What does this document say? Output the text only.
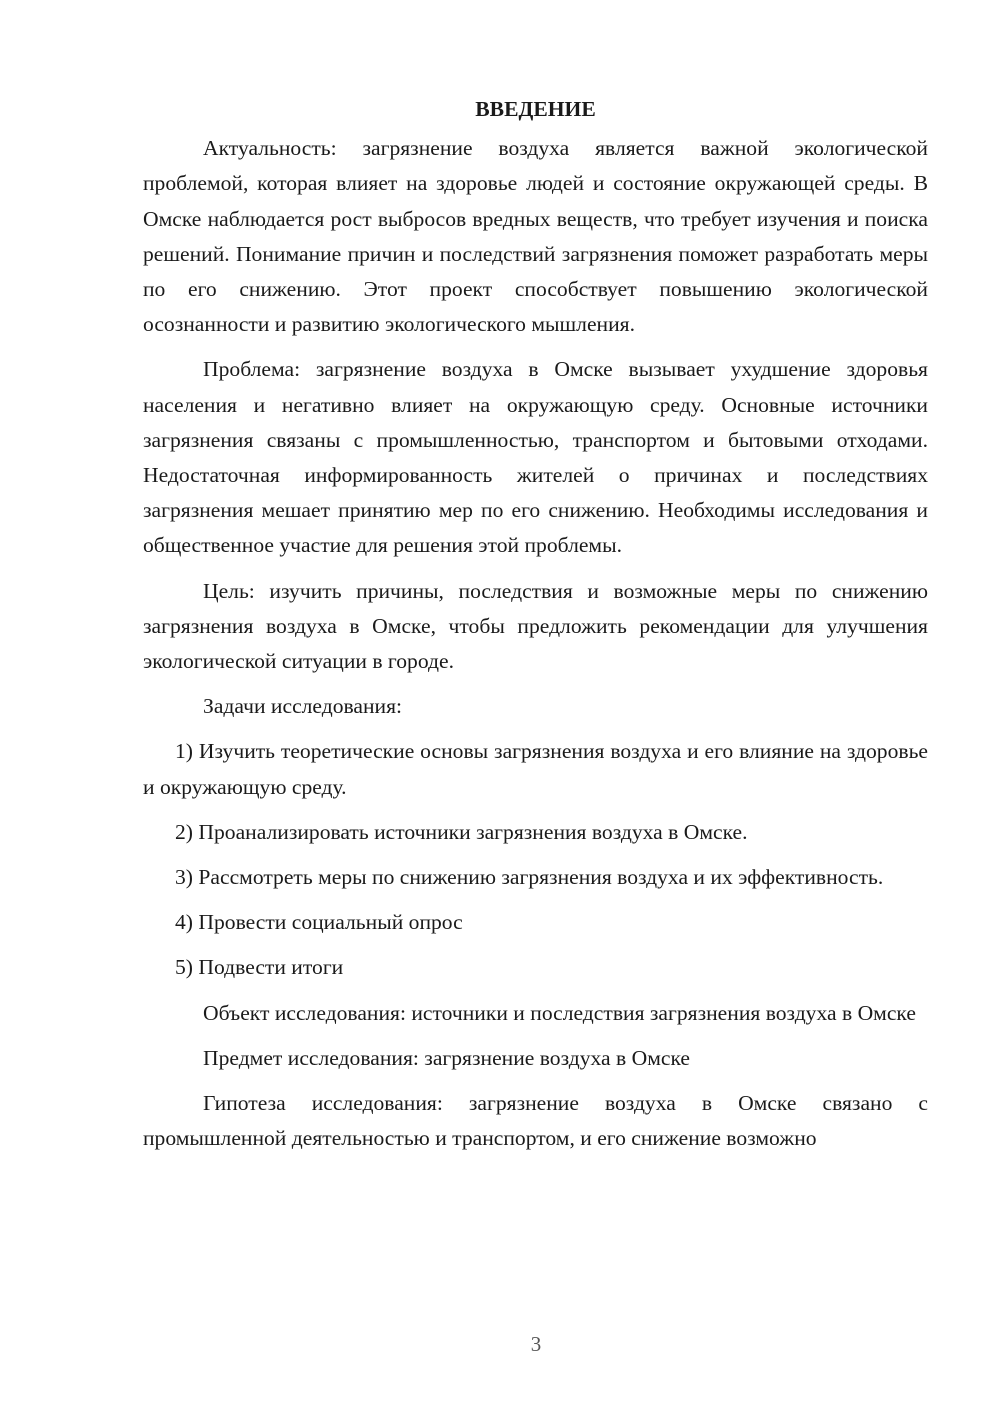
ВВЕДЕНИЕ

Актуальность: загрязнение воздуха является важной экологической проблемой, которая влияет на здоровье людей и состояние окружающей среды. В Омске наблюдается рост выбросов вредных веществ, что требует изучения и поиска решений. Понимание причин и последствий загрязнения поможет разработать меры по его снижению. Этот проект способствует повышению экологической осознанности и развитию экологического мышления.

Проблема: загрязнение воздуха в Омске вызывает ухудшение здоровья населения и негативно влияет на окружающую среду. Основные источники загрязнения связаны с промышленностью, транспортом и бытовыми отходами. Недостаточная информированность жителей о причинах и последствиях загрязнения мешает принятию мер по его снижению. Необходимы исследования и общественное участие для решения этой проблемы.

Цель: изучить причины, последствия и возможные меры по снижению загрязнения воздуха в Омске, чтобы предложить рекомендации для улучшения экологической ситуации в городе.

Задачи исследования:

1) Изучить теоретические основы загрязнения воздуха и его влияние на здоровье и окружающую среду.

2) Проанализировать источники загрязнения воздуха в Омске.

3) Рассмотреть меры по снижению загрязнения воздуха и их эффективность.

4) Провести социальный опрос

5) Подвести итоги

Объект исследования: источники и последствия загрязнения воздуха в Омске

Предмет исследования: загрязнение воздуха в Омске

Гипотеза исследования: загрязнение воздуха в Омске связано с промышленной деятельностью и транспортом, и его снижение возможно

3
